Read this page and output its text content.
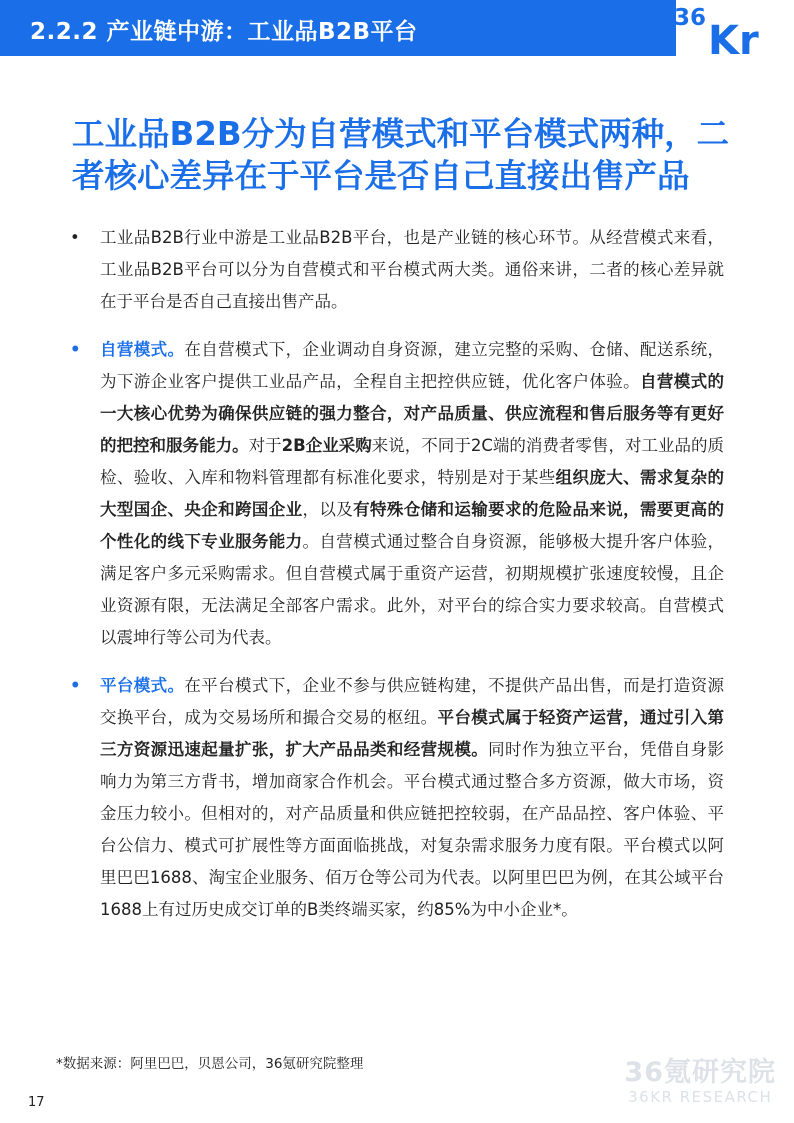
2.2.2 产业链中游：工业品B2B平台
36 Kr
工业品B2B分为自营模式和平台模式两种，二
者核心差异在于平台是否自己直接出售产品

• 工业品B2B行业中游是工业品B2B平台，也是产业链的核心环节。从经营模式来看，工业品B2B平台可以分为自营模式和平台模式两大类。通俗来讲，二者的核心差异就在于平台是否自己直接出售产品。

• 自营模式。在自营模式下，企业调动自身资源，建立完整的采购、仓储、配送系统，为下游企业客户提供工业品产品，全程自主把控供应链，优化客户体验。自营模式的一大核心优势为确保供应链的强力整合，对产品质量、供应流程和售后服务等有更好的把控和服务能力。对于2B企业采购来说，不同于2C端的消费者零售，对工业品的质检、验收、入库和物料管理都有标准化要求，特别是对于某些组织庞大、需求复杂的大型国企、央企和跨国企业，以及有特殊仓储和运输要求的危险品来说，需要更高的个性化的线下专业服务能力。自营模式通过整合自身资源，能够极大提升客户体验，满足客户多元采购需求。但自营模式属于重资产运营，初期规模扩张速度较慢，且企业资源有限，无法满足全部客户需求。此外，对平台的综合实力要求较高。自营模式以震坤行等公司为代表。

• 平台模式。在平台模式下，企业不参与供应链构建，不提供产品出售，而是打造资源交换平台，成为交易场所和撮合交易的枢纽。平台模式属于轻资产运营，通过引入第三方资源迅速起量扩张，扩大产品品类和经营规模。同时作为独立平台，凭借自身影响力为第三方背书，增加商家合作机会。平台模式通过整合多方资源，做大市场，资金压力较小。但相对的，对产品质量和供应链把控较弱，在产品品控、客户体验、平台公信力、模式可扩展性等方面面临挑战，对复杂需求服务力度有限。平台模式以阿里巴巴1688、淘宝企业服务、佰万仓等公司为代表。以阿里巴巴为例，在其公域平台1688上有过历史成交订单的B类终端买家，约85%为中小企业*。

*数据来源：阿里巴巴，贝恩公司，36氪研究院整理	36氪研究院
36KR RESEARCH
17
